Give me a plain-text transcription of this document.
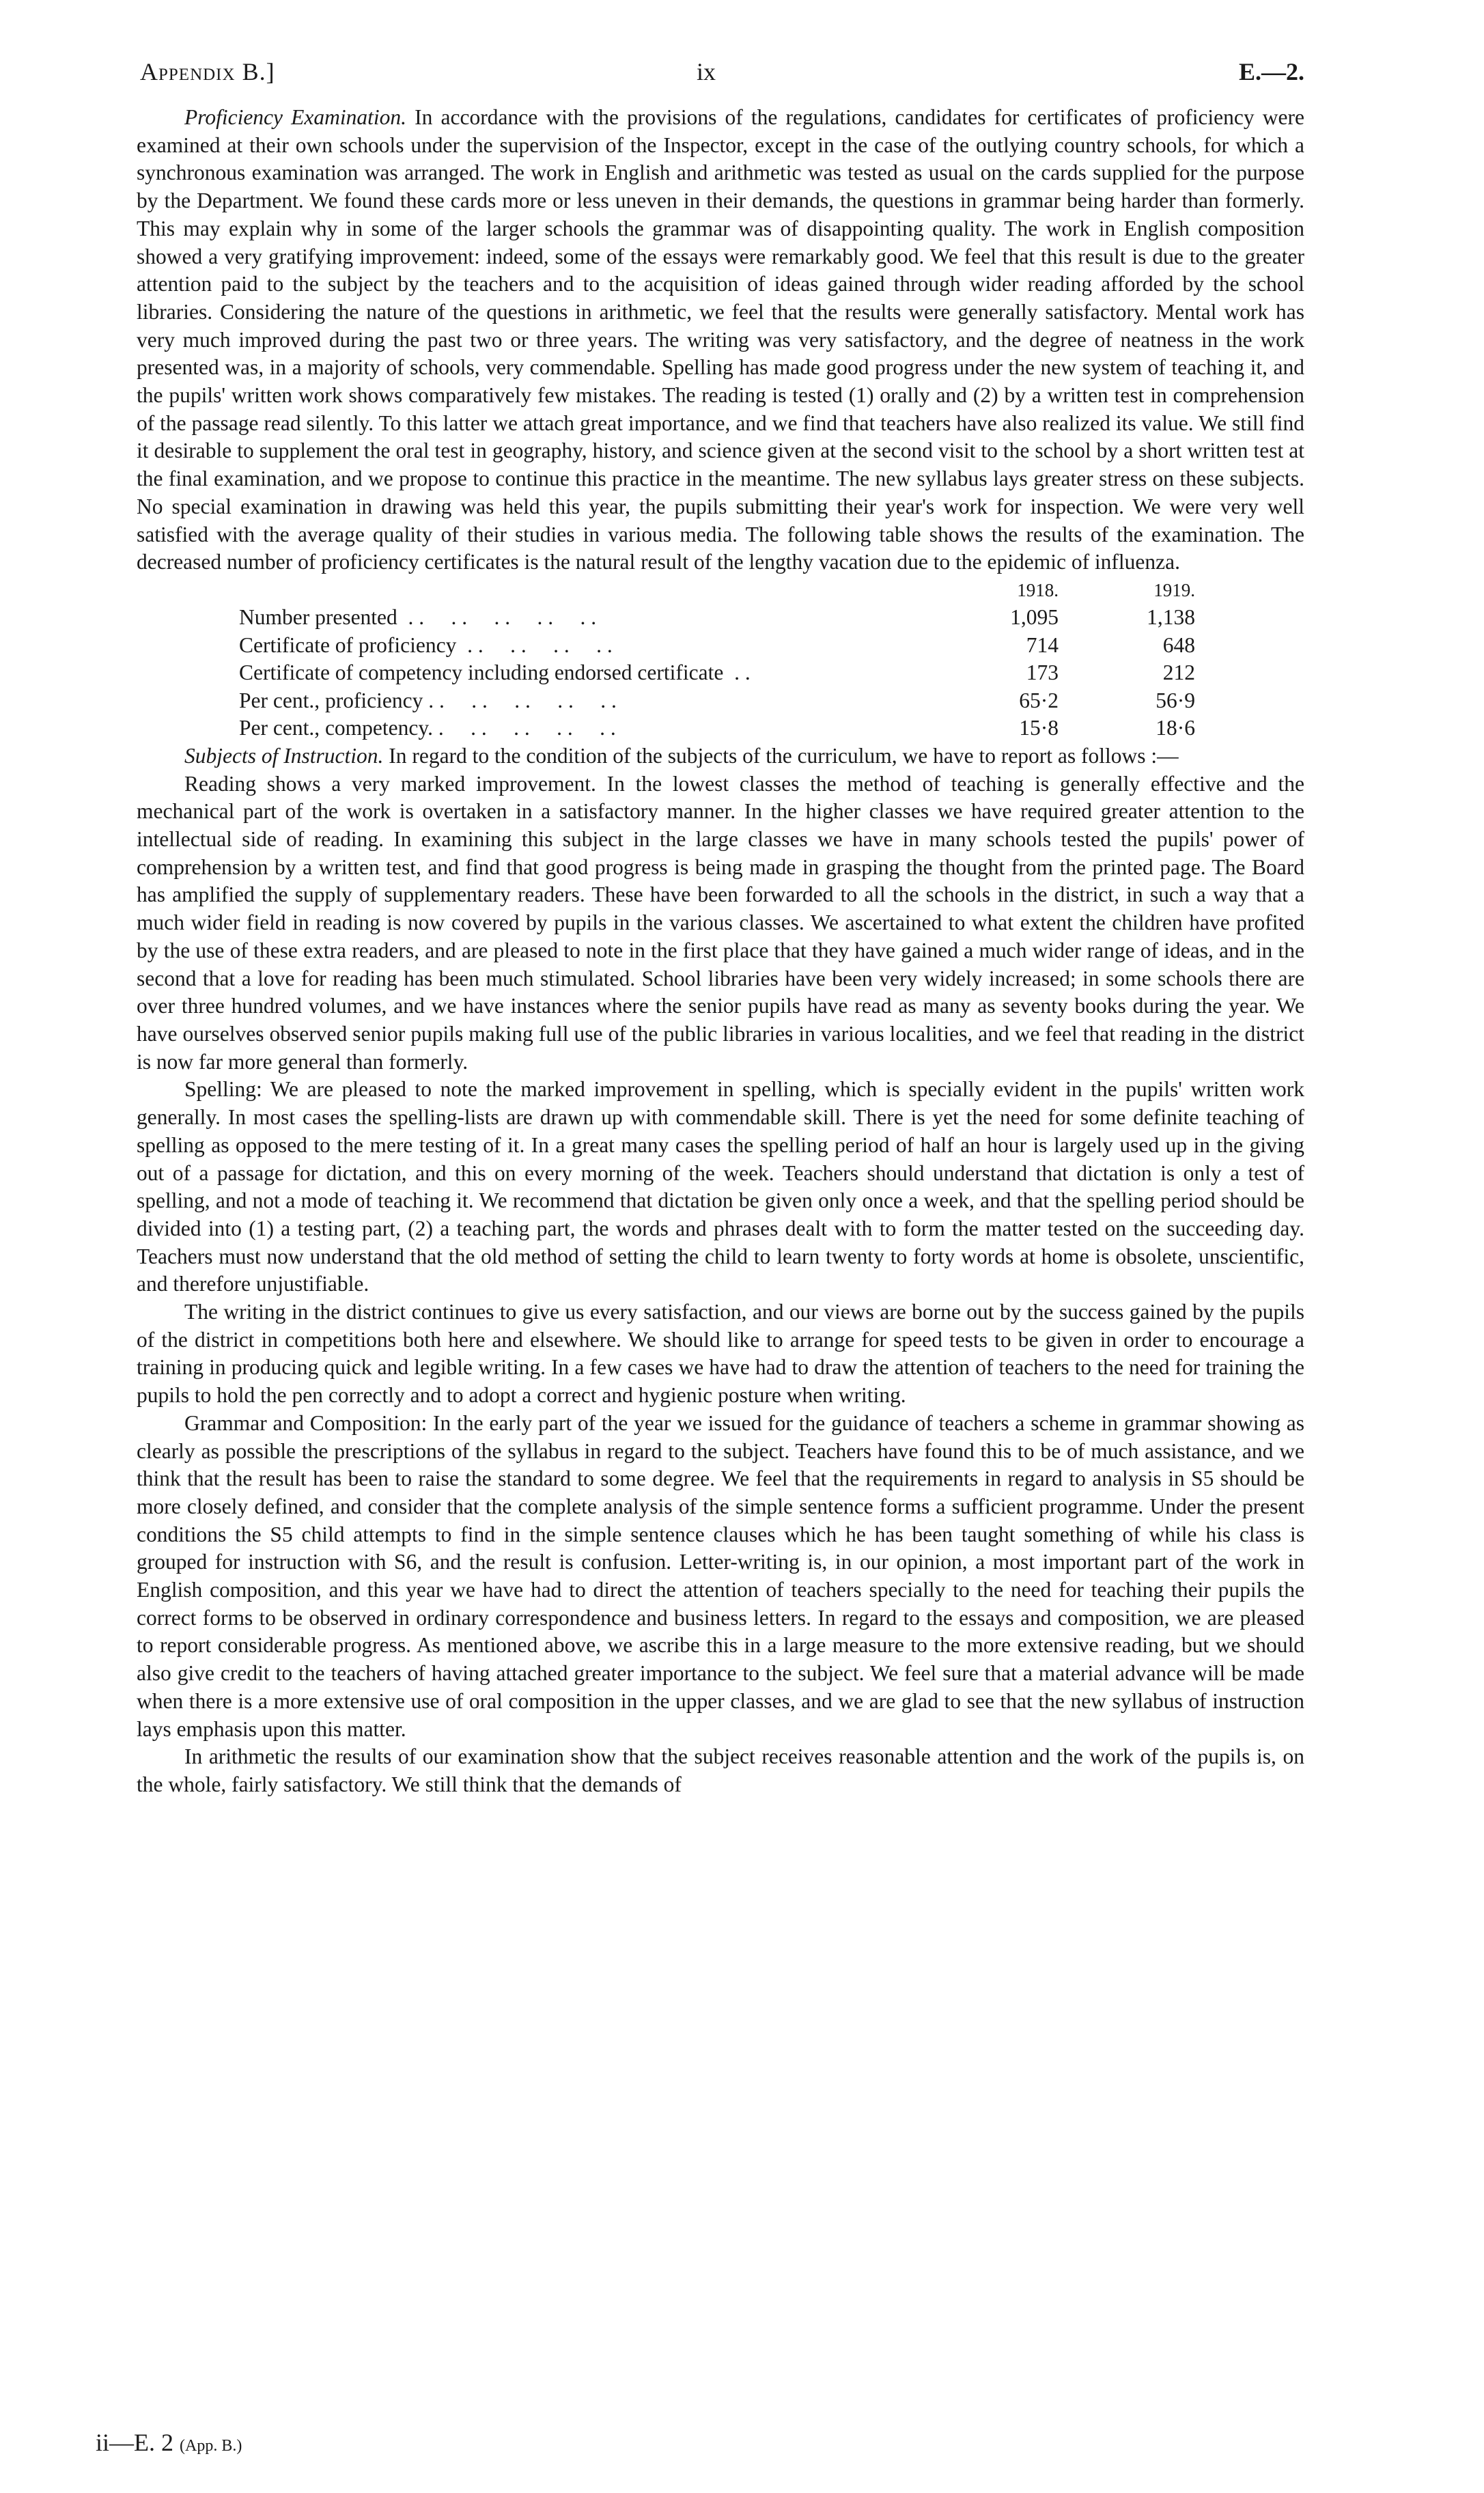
Appendix B.]	ix	E.—2.

Proficiency Examination. In accordance with the provisions of the regulations, candidates for certificates of proficiency were examined at their own schools under the supervision of the Inspector, except in the case of the outlying country schools, for which a synchronous examination was arranged. The work in English and arithmetic was tested as usual on the cards supplied for the purpose by the Department. We found these cards more or less uneven in their demands, the questions in grammar being harder than formerly. This may explain why in some of the larger schools the grammar was of disappointing quality. The work in English composition showed a very gratifying improvement: indeed, some of the essays were remarkably good. We feel that this result is due to the greater attention paid to the subject by the teachers and to the acquisition of ideas gained through wider reading afforded by the school libraries. Considering the nature of the questions in arithmetic, we feel that the results were generally satisfactory. Mental work has very much improved during the past two or three years. The writing was very satisfactory, and the degree of neatness in the work presented was, in a majority of schools, very commendable. Spelling has made good progress under the new system of teaching it, and the pupils' written work shows comparatively few mistakes. The reading is tested (1) orally and (2) by a written test in comprehension of the passage read silently. To this latter we attach great importance, and we find that teachers have also realized its value. We still find it desirable to supplement the oral test in geography, history, and science given at the second visit to the school by a short written test at the final examination, and we propose to continue this practice in the meantime. The new syllabus lays greater stress on these subjects. No special examination in drawing was held this year, the pupils submitting their year's work for inspection. We were very well satisfied with the average quality of their studies in various media. The following table shows the results of the examination. The decreased number of proficiency certificates is the natural result of the lengthy vacation due to the epidemic of influenza.

	1918.	1919.
Number presented  . .     . .     . .     . .     . .	1,095	1,138
Certificate of proficiency  . .     . .     . .     . .	714	648
Certificate of competency including endorsed certificate  . .	173	212
Per cent., proficiency . .     . .     . .     . .     . .	65·2	56·9
Per cent., competency. .     . .     . .     . .     . .	15·8	18·6

Subjects of Instruction. In regard to the condition of the subjects of the curriculum, we have to report as follows :—

Reading shows a very marked improvement. In the lowest classes the method of teaching is generally effective and the mechanical part of the work is overtaken in a satisfactory manner. In the higher classes we have required greater attention to the intellectual side of reading. In examining this subject in the large classes we have in many schools tested the pupils' power of comprehension by a written test, and find that good progress is being made in grasping the thought from the printed page. The Board has amplified the supply of supplementary readers. These have been forwarded to all the schools in the district, in such a way that a much wider field in reading is now covered by pupils in the various classes. We ascertained to what extent the children have profited by the use of these extra readers, and are pleased to note in the first place that they have gained a much wider range of ideas, and in the second that a love for reading has been much stimulated. School libraries have been very widely increased; in some schools there are over three hundred volumes, and we have instances where the senior pupils have read as many as seventy books during the year. We have ourselves observed senior pupils making full use of the public libraries in various localities, and we feel that reading in the district is now far more general than formerly.

Spelling: We are pleased to note the marked improvement in spelling, which is specially evident in the pupils' written work generally. In most cases the spelling-lists are drawn up with commendable skill. There is yet the need for some definite teaching of spelling as opposed to the mere testing of it. In a great many cases the spelling period of half an hour is largely used up in the giving out of a passage for dictation, and this on every morning of the week. Teachers should understand that dictation is only a test of spelling, and not a mode of teaching it. We recommend that dictation be given only once a week, and that the spelling period should be divided into (1) a testing part, (2) a teaching part, the words and phrases dealt with to form the matter tested on the succeeding day. Teachers must now understand that the old method of setting the child to learn twenty to forty words at home is obsolete, unscientific, and therefore unjustifiable.

The writing in the district continues to give us every satisfaction, and our views are borne out by the success gained by the pupils of the district in competitions both here and elsewhere. We should like to arrange for speed tests to be given in order to encourage a training in producing quick and legible writing. In a few cases we have had to draw the attention of teachers to the need for training the pupils to hold the pen correctly and to adopt a correct and hygienic posture when writing.

Grammar and Composition: In the early part of the year we issued for the guidance of teachers a scheme in grammar showing as clearly as possible the prescriptions of the syllabus in regard to the subject. Teachers have found this to be of much assistance, and we think that the result has been to raise the standard to some degree. We feel that the requirements in regard to analysis in S5 should be more closely defined, and consider that the complete analysis of the simple sentence forms a sufficient programme. Under the present conditions the S5 child attempts to find in the simple sentence clauses which he has been taught something of while his class is grouped for instruction with S6, and the result is confusion. Letter-writing is, in our opinion, a most important part of the work in English composition, and this year we have had to direct the attention of teachers specially to the need for teaching their pupils the correct forms to be observed in ordinary correspondence and business letters. In regard to the essays and composition, we are pleased to report considerable progress. As mentioned above, we ascribe this in a large measure to the more extensive reading, but we should also give credit to the teachers of having attached greater importance to the subject. We feel sure that a material advance will be made when there is a more extensive use of oral composition in the upper classes, and we are glad to see that the new syllabus of instruction lays emphasis upon this matter.

In arithmetic the results of our examination show that the subject receives reasonable attention and the work of the pupils is, on the whole, fairly satisfactory. We still think that the demands of

ii—E. 2 (App. B.)
